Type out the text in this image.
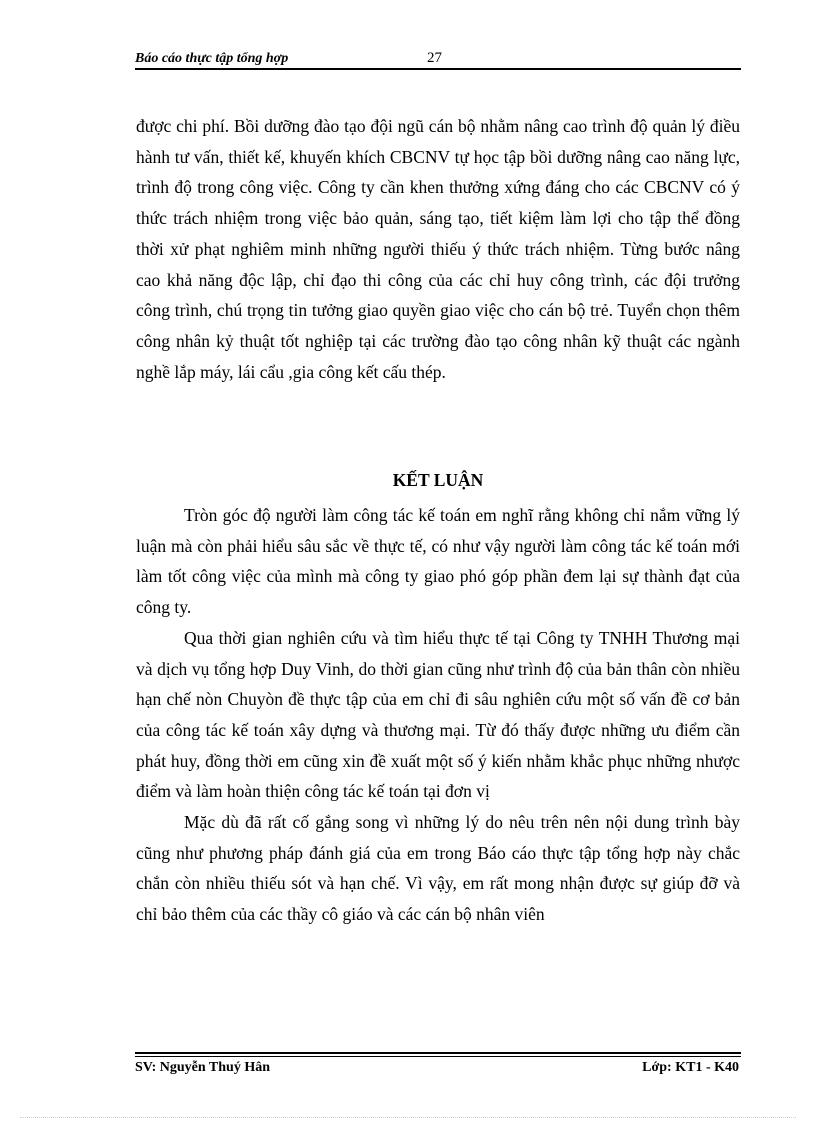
Báo cáo thực tập tổng hợp	27

được chi phí. Bồi dưỡng đào tạo đội ngũ cán bộ nhằm nâng cao trình độ quản lý điều hành tư vấn, thiết kế, khuyến khích CBCNV tự học tập bồi dưỡng nâng cao năng lực, trình độ trong công việc. Công ty cần khen thưởng xứng đáng cho các CBCNV có ý thức trách nhiệm trong việc bảo quản, sáng tạo, tiết kiệm làm lợi cho tập thể đồng thời xử phạt nghiêm minh những người thiếu ý thức trách nhiệm. Từng bước nâng cao khả năng độc lập, chỉ đạo thi công của các chỉ huy công trình, các đội trưởng công trình, chú trọng tin tưởng giao quyền giao việc cho cán bộ trẻ. Tuyển chọn thêm công nhân kỷ thuật tốt nghiệp tại các trường đào tạo công nhân kỹ thuật các ngành nghề lắp máy, lái cẩu ,gia công kết cấu thép.

KẾT LUẬN

Tròn góc độ người làm công tác kế toán em nghĩ rằng không chỉ nắm vững lý luận mà còn phải hiểu sâu sắc về thực tế, có như vậy người làm công tác kế toán mới làm tốt công việc của mình mà công ty giao phó góp phần đem lại sự thành đạt của công ty.

Qua thời gian nghiên cứu và tìm hiểu thực tế tại Công ty TNHH Thương mại và dịch vụ tổng hợp Duy Vinh, do thời gian cũng như trình độ của bản thân còn nhiều hạn chế nòn Chuyòn đề thực tập của em chỉ đi sâu nghiên cứu một số vấn đề cơ bản của công tác kế toán xây dựng và thương mại. Từ đó thấy được những ưu điểm cần phát huy, đồng thời em cũng xin đề xuất một số ý kiến nhằm khắc phục những nhược điểm và làm hoàn thiện công tác kế toán tại đơn vị

Mặc dù đã rất cố gắng song vì những lý do nêu trên nên nội dung trình bày cũng như phương pháp đánh giá của em trong Báo cáo thực tập tổng hợp này chắc chắn còn nhiều thiếu sót và hạn chế. Vì vậy, em rất mong nhận được sự giúp đỡ và chỉ bảo thêm của các thầy cô giáo và các cán bộ nhân viên

SV: Nguyễn Thuý Hân	Lớp: KT1 - K40
